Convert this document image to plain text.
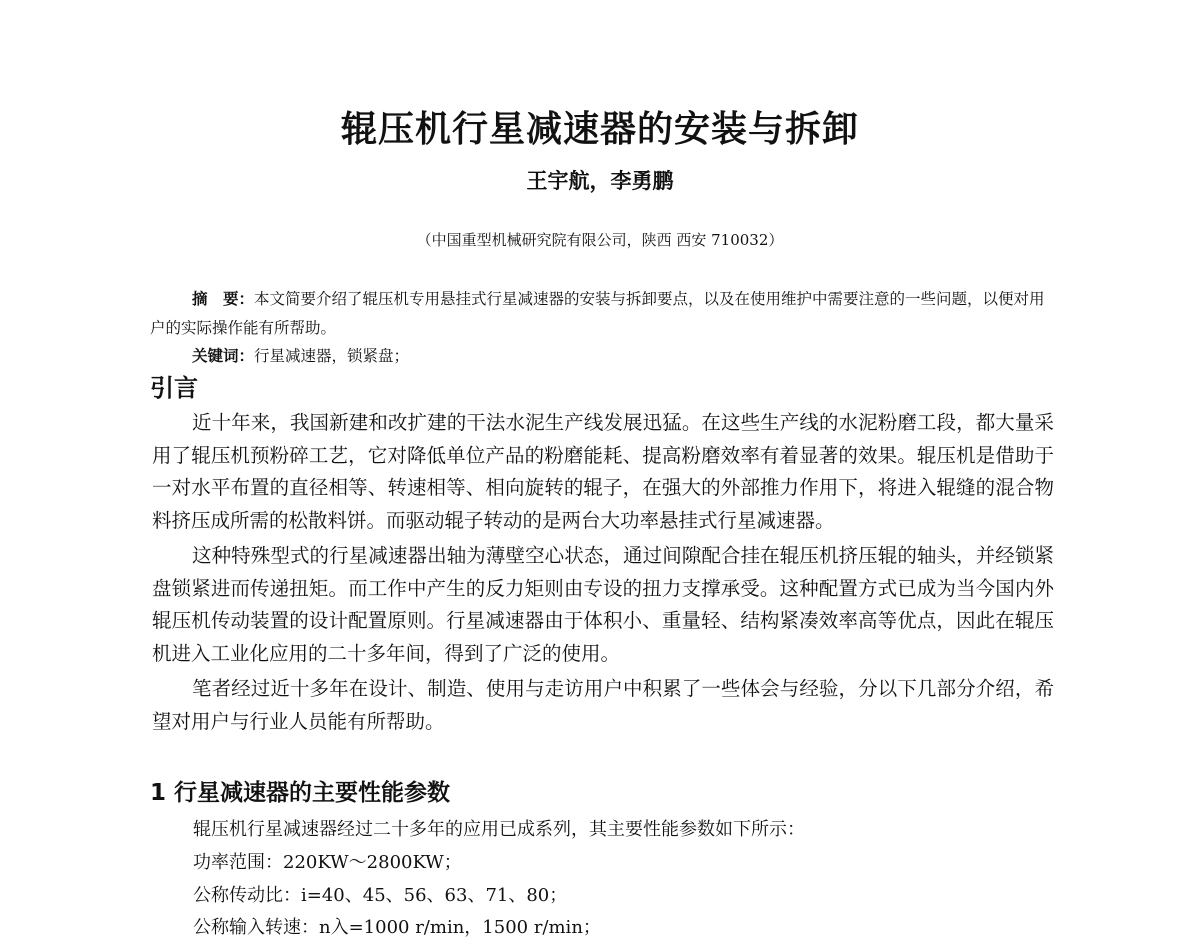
辊压机行星减速器的安装与拆卸
王宇航，李勇鹏
（中国重型机械研究院有限公司，陕西 西安 710032）

摘　要：本文简要介绍了辊压机专用悬挂式行星减速器的安装与拆卸要点，以及在使用维护中需要注意的一些问题，以便对用户的实际操作能有所帮助。

关键词：行星减速器，锁紧盘；

引言

近十年来，我国新建和改扩建的干法水泥生产线发展迅猛。在这些生产线的水泥粉磨工段，都大量采用了辊压机预粉碎工艺，它对降低单位产品的粉磨能耗、提高粉磨效率有着显著的效果。辊压机是借助于一对水平布置的直径相等、转速相等、相向旋转的辊子，在强大的外部推力作用下，将进入辊缝的混合物料挤压成所需的松散料饼。而驱动辊子转动的是两台大功率悬挂式行星减速器。

这种特殊型式的行星减速器出轴为薄壁空心状态，通过间隙配合挂在辊压机挤压辊的轴头，并经锁紧盘锁紧进而传递扭矩。而工作中产生的反力矩则由专设的扭力支撑承受。这种配置方式已成为当今国内外辊压机传动装置的设计配置原则。行星减速器由于体积小、重量轻、结构紧凑效率高等优点，因此在辊压机进入工业化应用的二十多年间，得到了广泛的使用。

笔者经过近十多年在设计、制造、使用与走访用户中积累了一些体会与经验，分以下几部分介绍，希望对用户与行业人员能有所帮助。

1 行星减速器的主要性能参数

辊压机行星减速器经过二十多年的应用已成系列，其主要性能参数如下所示：

功率范围：220KW～2800KW；

公称传动比：i=40、45、56、63、71、80；

公称输入转速：n入=1000 r/min，1500 r/min；
